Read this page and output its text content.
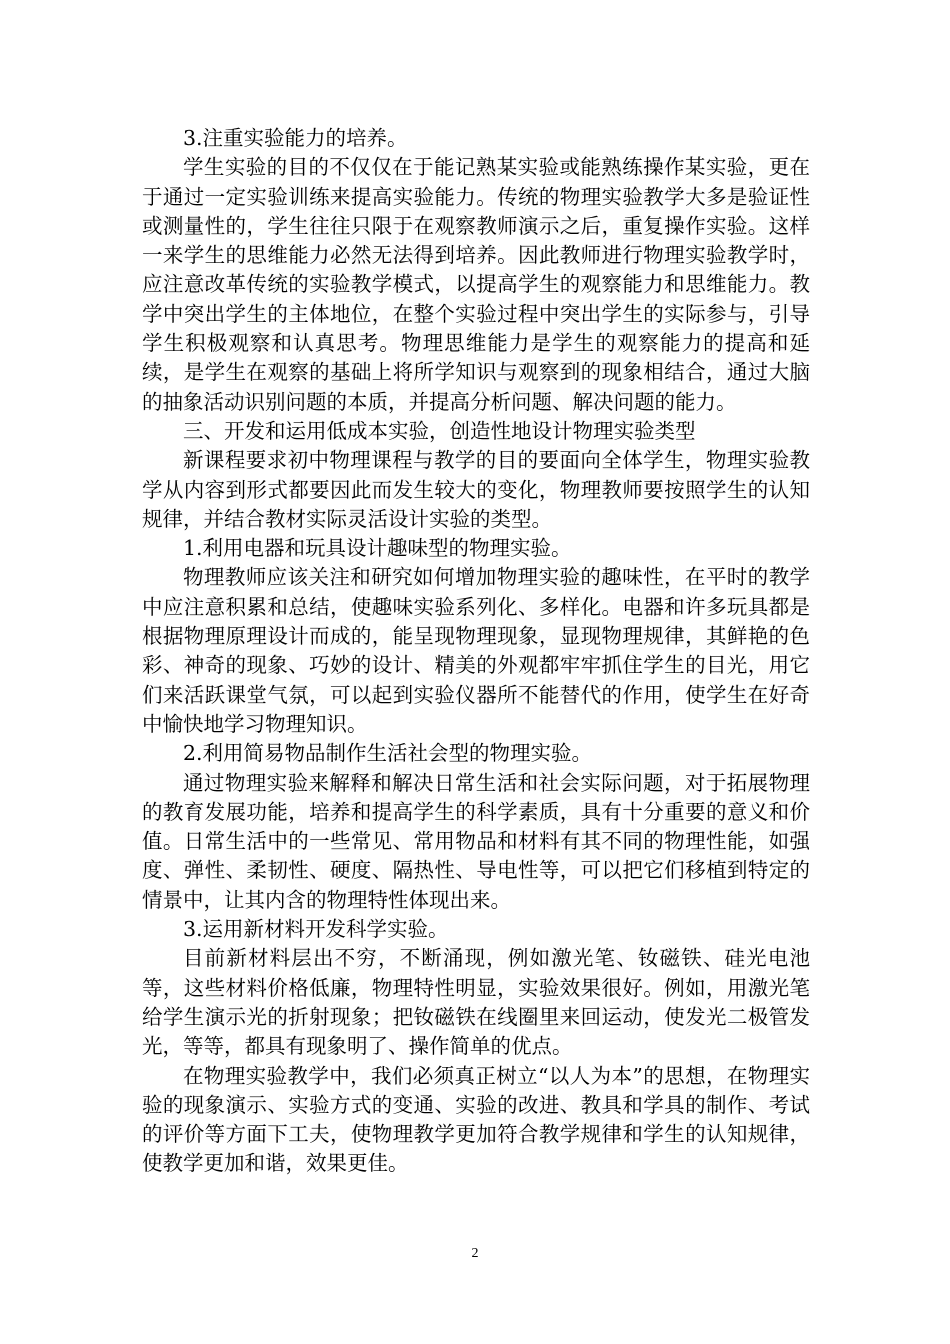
3.注重实验能力的培养。

学生实验的目的不仅仅在于能记熟某实验或能熟练操作某实验，更在于通过一定实验训练来提高实验能力。传统的物理实验教学大多是验证性或测量性的，学生往往只限于在观察教师演示之后，重复操作实验。这样一来学生的思维能力必然无法得到培养。因此教师进行物理实验教学时，应注意改革传统的实验教学模式，以提高学生的观察能力和思维能力。教学中突出学生的主体地位，在整个实验过程中突出学生的实际参与，引导学生积极观察和认真思考。物理思维能力是学生的观察能力的提高和延续，是学生在观察的基础上将所学知识与观察到的现象相结合，通过大脑的抽象活动识别问题的本质，并提高分析问题、解决问题的能力。

三、开发和运用低成本实验，创造性地设计物理实验类型

新课程要求初中物理课程与教学的目的要面向全体学生，物理实验教学从内容到形式都要因此而发生较大的变化，物理教师要按照学生的认知规律，并结合教材实际灵活设计实验的类型。

1.利用电器和玩具设计趣味型的物理实验。

物理教师应该关注和研究如何增加物理实验的趣味性，在平时的教学中应注意积累和总结，使趣味实验系列化、多样化。电器和许多玩具都是根据物理原理设计而成的，能呈现物理现象，显现物理规律，其鲜艳的色彩、神奇的现象、巧妙的设计、精美的外观都牢牢抓住学生的目光，用它们来活跃课堂气氛，可以起到实验仪器所不能替代的作用，使学生在好奇中愉快地学习物理知识。

2.利用简易物品制作生活社会型的物理实验。

通过物理实验来解释和解决日常生活和社会实际问题，对于拓展物理的教育发展功能，培养和提高学生的科学素质，具有十分重要的意义和价值。日常生活中的一些常见、常用物品和材料有其不同的物理性能，如强度、弹性、柔韧性、硬度、隔热性、导电性等，可以把它们移植到特定的情景中，让其内含的物理特性体现出来。

3.运用新材料开发科学实验。

目前新材料层出不穷，不断涌现，例如激光笔、钕磁铁、硅光电池等，这些材料价格低廉，物理特性明显，实验效果很好。例如，用激光笔给学生演示光的折射现象；把钕磁铁在线圈里来回运动，使发光二极管发光，等等，都具有现象明了、操作简单的优点。

在物理实验教学中，我们必须真正树立“以人为本”的思想，在物理实验的现象演示、实验方式的变通、实验的改进、教具和学具的制作、考试的评价等方面下工夫，使物理教学更加符合教学规律和学生的认知规律，使教学更加和谐，效果更佳。

2
